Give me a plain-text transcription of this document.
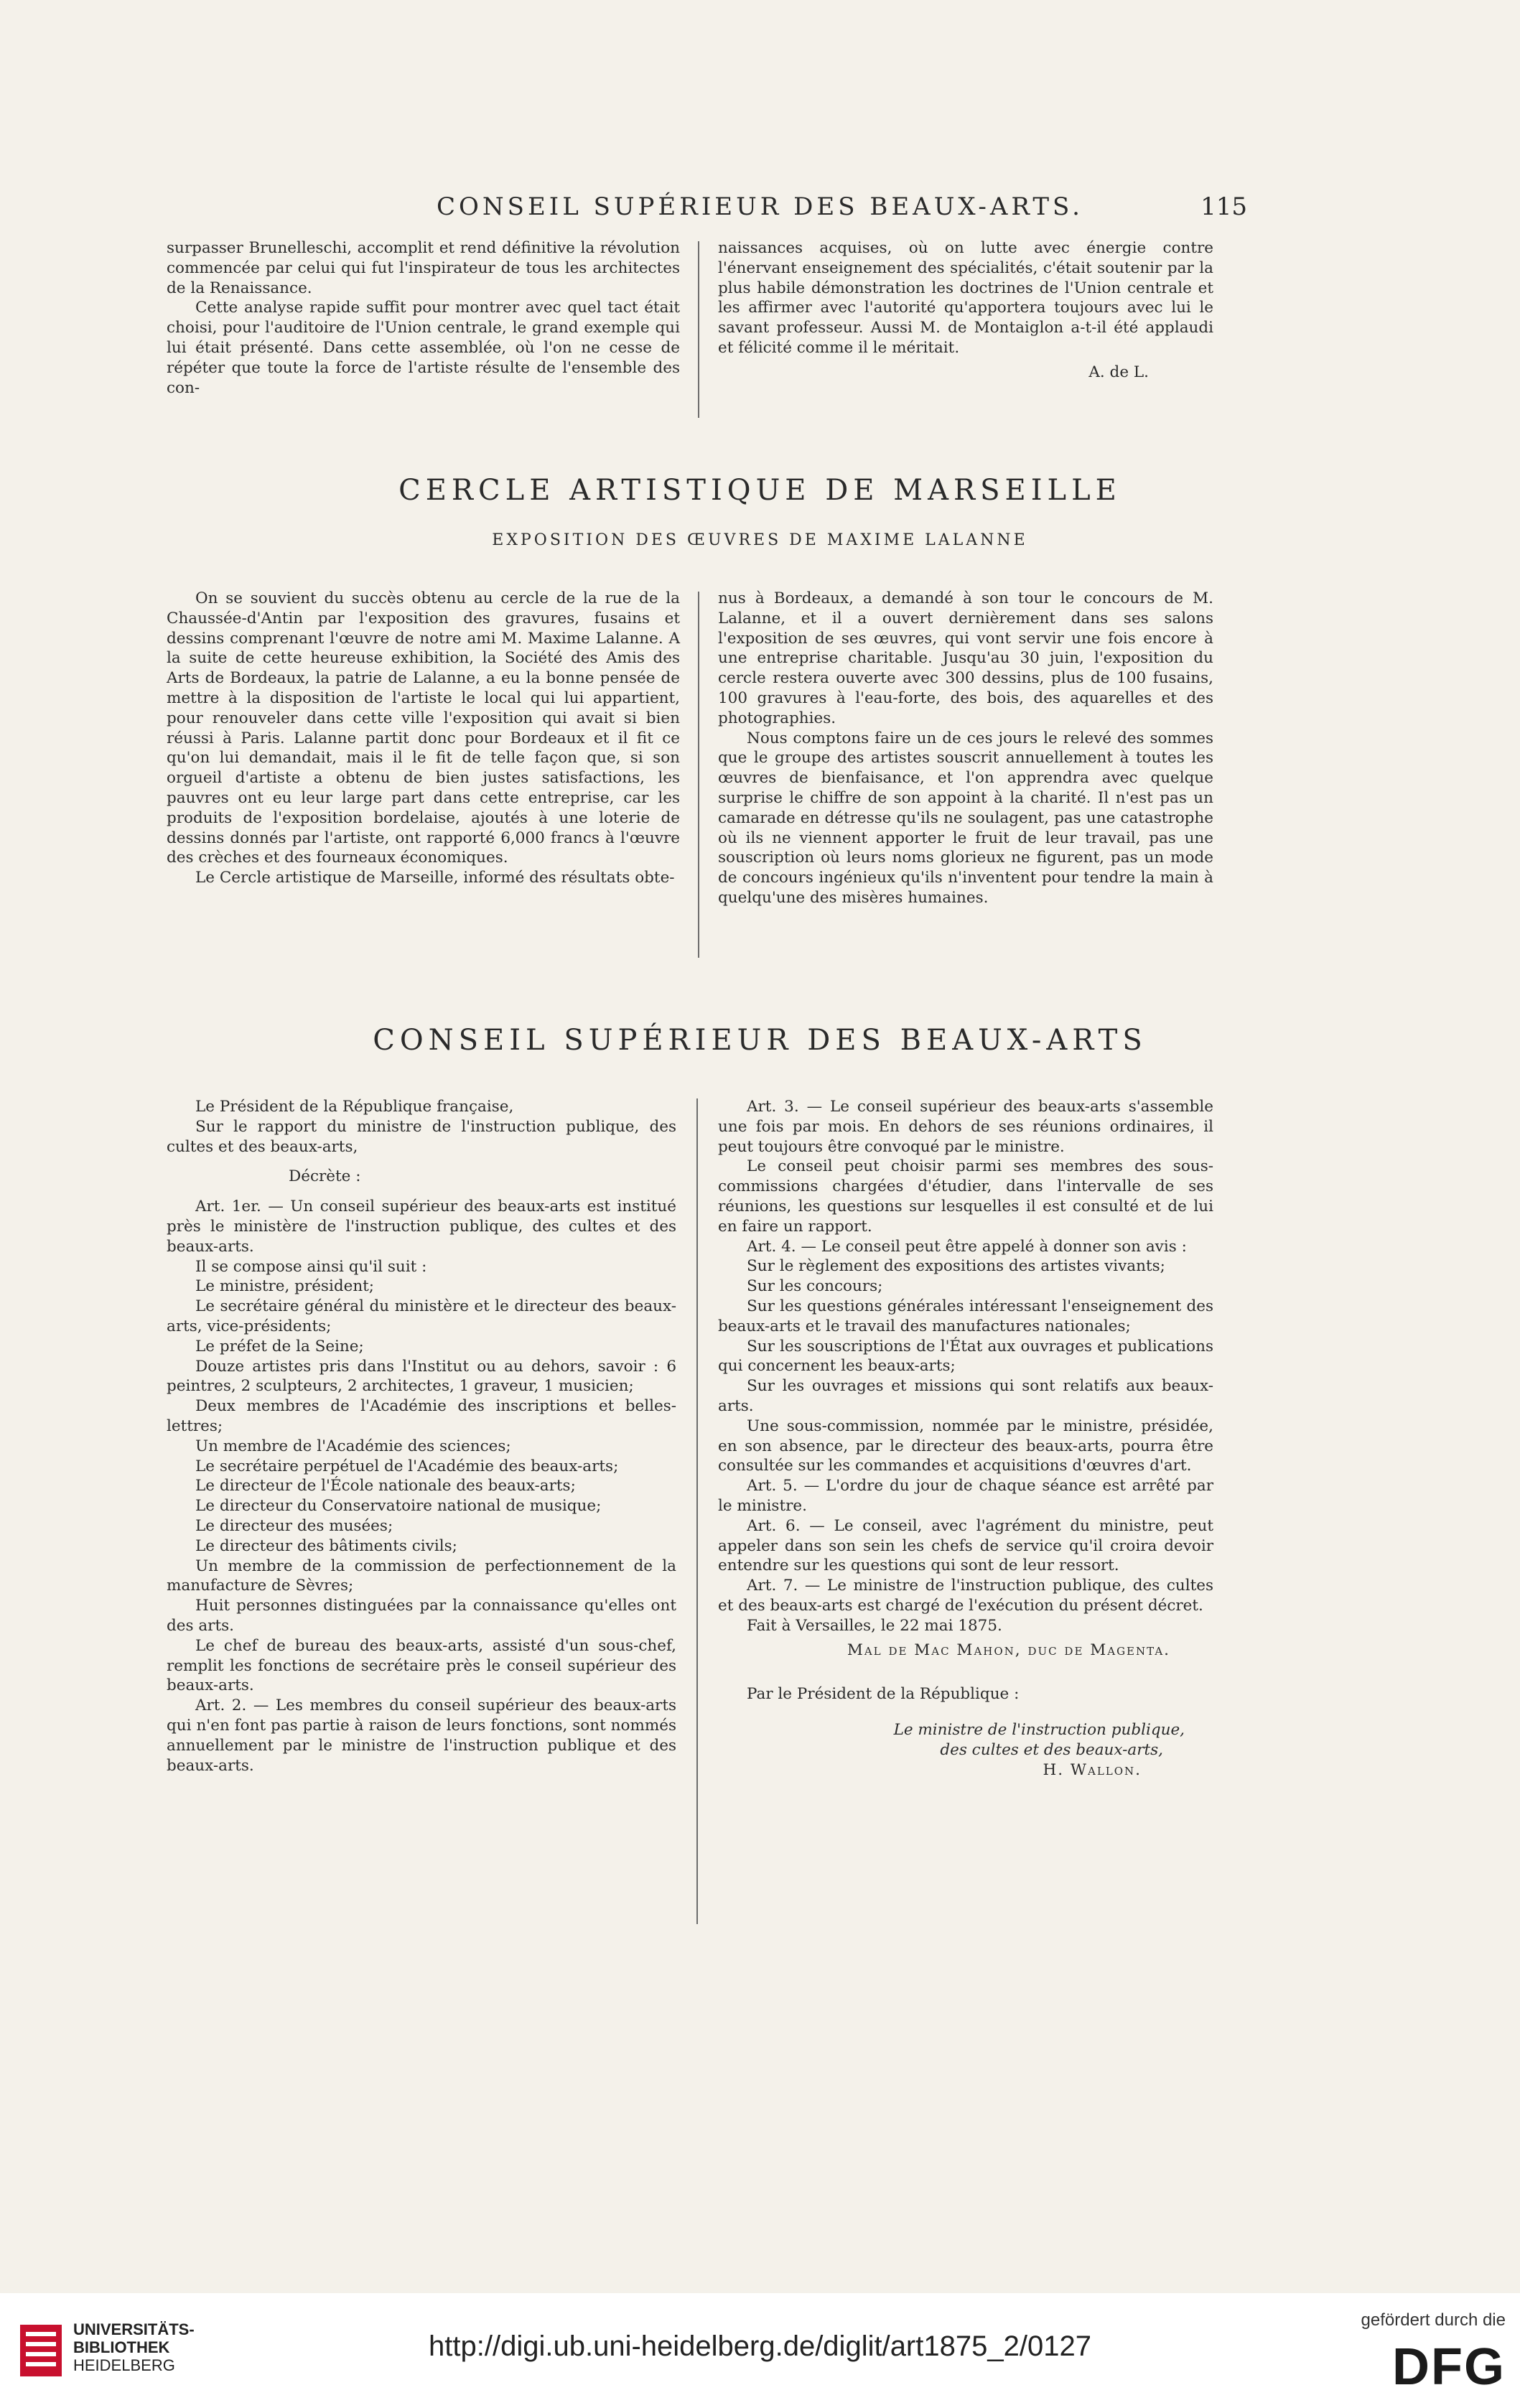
CONSEIL SUPÉRIEUR DES BEAUX-ARTS.	115

surpasser Brunelleschi, accomplit et rend définitive la révolution commencée par celui qui fut l'inspirateur de tous les architectes de la Renaissance.

Cette analyse rapide suffit pour montrer avec quel tact était choisi, pour l'auditoire de l'Union centrale, le grand exemple qui lui était présenté. Dans cette assemblée, où l'on ne cesse de répéter que toute la force de l'artiste résulte de l'ensemble des con-

naissances acquises, où on lutte avec énergie contre l'énervant enseignement des spécialités, c'était soutenir par la plus habile démonstration les doctrines de l'Union centrale et les affirmer avec l'autorité qu'apportera toujours avec lui le savant professeur. Aussi M. de Montaiglon a-t-il été applaudi et félicité comme il le méritait.

A. de L.

CERCLE ARTISTIQUE DE MARSEILLE
EXPOSITION DES ŒUVRES DE MAXIME LALANNE

On se souvient du succès obtenu au cercle de la rue de la Chaussée-d'Antin par l'exposition des gravures, fusains et dessins comprenant l'œuvre de notre ami M. Maxime Lalanne. A la suite de cette heureuse exhibition, la Société des Amis des Arts de Bordeaux, la patrie de Lalanne, a eu la bonne pensée de mettre à la disposition de l'artiste le local qui lui appartient, pour renouveler dans cette ville l'exposition qui avait si bien réussi à Paris. Lalanne partit donc pour Bordeaux et il fit ce qu'on lui demandait, mais il le fit de telle façon que, si son orgueil d'artiste a obtenu de bien justes satisfactions, les pauvres ont eu leur large part dans cette entreprise, car les produits de l'exposition bordelaise, ajoutés à une loterie de dessins donnés par l'artiste, ont rapporté 6,000 francs à l'œuvre des crèches et des fourneaux économiques.

Le Cercle artistique de Marseille, informé des résultats obte-

nus à Bordeaux, a demandé à son tour le concours de M. Lalanne, et il a ouvert dernièrement dans ses salons l'exposition de ses œuvres, qui vont servir une fois encore à une entreprise charitable. Jusqu'au 30 juin, l'exposition du cercle restera ouverte avec 300 dessins, plus de 100 fusains, 100 gravures à l'eau-forte, des bois, des aquarelles et des photographies.

Nous comptons faire un de ces jours le relevé des sommes que le groupe des artistes souscrit annuellement à toutes les œuvres de bienfaisance, et l'on apprendra avec quelque surprise le chiffre de son appoint à la charité. Il n'est pas un camarade en détresse qu'ils ne soulagent, pas une catastrophe où ils ne viennent apporter le fruit de leur travail, pas une souscription où leurs noms glorieux ne figurent, pas un mode de concours ingénieux qu'ils n'inventent pour tendre la main à quelqu'une des misères humaines.

CONSEIL SUPÉRIEUR DES BEAUX-ARTS

Le Président de la République française,

Sur le rapport du ministre de l'instruction publique, des cultes et des beaux-arts,

Décrète :

Art. 1er. — Un conseil supérieur des beaux-arts est institué près le ministère de l'instruction publique, des cultes et des beaux-arts.

Il se compose ainsi qu'il suit :

Le ministre, président;

Le secrétaire général du ministère et le directeur des beaux-arts, vice-présidents;

Le préfet de la Seine;

Douze artistes pris dans l'Institut ou au dehors, savoir : 6 peintres, 2 sculpteurs, 2 architectes, 1 graveur, 1 musicien;

Deux membres de l'Académie des inscriptions et belles-lettres;

Un membre de l'Académie des sciences;

Le secrétaire perpétuel de l'Académie des beaux-arts;

Le directeur de l'École nationale des beaux-arts;

Le directeur du Conservatoire national de musique;

Le directeur des musées;

Le directeur des bâtiments civils;

Un membre de la commission de perfectionnement de la manufacture de Sèvres;

Huit personnes distinguées par la connaissance qu'elles ont des arts.

Le chef de bureau des beaux-arts, assisté d'un sous-chef, remplit les fonctions de secrétaire près le conseil supérieur des beaux-arts.

Art. 2. — Les membres du conseil supérieur des beaux-arts qui n'en font pas partie à raison de leurs fonctions, sont nommés annuellement par le ministre de l'instruction publique et des beaux-arts.

Art. 3. — Le conseil supérieur des beaux-arts s'assemble une fois par mois. En dehors de ses réunions ordinaires, il peut toujours être convoqué par le ministre.

Le conseil peut choisir parmi ses membres des sous-commissions chargées d'étudier, dans l'intervalle de ses réunions, les questions sur lesquelles il est consulté et de lui en faire un rapport.

Art. 4. — Le conseil peut être appelé à donner son avis :

Sur le règlement des expositions des artistes vivants;

Sur les concours;

Sur les questions générales intéressant l'enseignement des beaux-arts et le travail des manufactures nationales;

Sur les souscriptions de l'État aux ouvrages et publications qui concernent les beaux-arts;

Sur les ouvrages et missions qui sont relatifs aux beaux-arts.

Une sous-commission, nommée par le ministre, présidée, en son absence, par le directeur des beaux-arts, pourra être consultée sur les commandes et acquisitions d'œuvres d'art.

Art. 5. — L'ordre du jour de chaque séance est arrêté par le ministre.

Art. 6. — Le conseil, avec l'agrément du ministre, peut appeler dans son sein les chefs de service qu'il croira devoir entendre sur les questions qui sont de leur ressort.

Art. 7. — Le ministre de l'instruction publique, des cultes et des beaux-arts est chargé de l'exécution du présent décret.

Fait à Versailles, le 22 mai 1875.

Mal de Mac Mahon, duc de Magenta.

Par le Président de la République :

Le ministre de l'instruction publique,

des cultes et des beaux-arts,

H. Wallon.

UNIVERSITÄTS-
BIBLIOTHEK
HEIDELBERG
http://digi.ub.uni-heidelberg.de/diglit/art1875_2/0127
gefördert durch die
DFG
